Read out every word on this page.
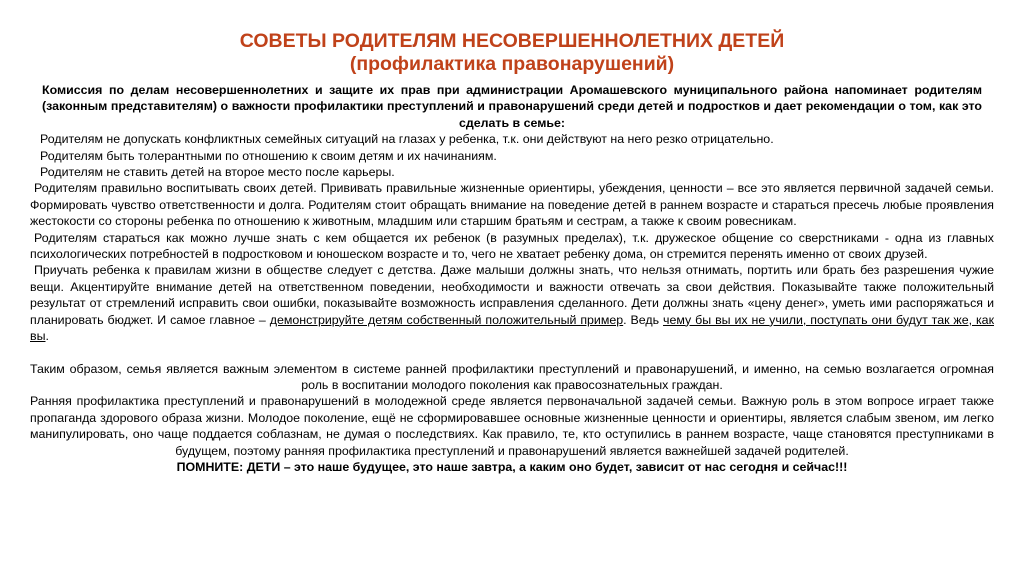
СОВЕТЫ РОДИТЕЛЯМ НЕСОВЕРШЕННОЛЕТНИХ ДЕТЕЙ

(профилактика правонарушений)

Комиссия по делам несовершеннолетних и защите их прав при администрации Аромашевского муниципального района напоминает родителям (законным представителям) о важности профилактики преступлений и правонарушений среди детей и подростков и дает рекомендации о том, как это сделать в семье:

Родителям не допускать конфликтных семейных ситуаций на глазах у ребенка, т.к. они действуют на него резко отрицательно.

Родителям быть толерантными по отношению к своим детям и их начинаниям.

Родителям не ставить детей на второе место после карьеры.

Родителям правильно воспитывать своих детей. Прививать правильные жизненные ориентиры, убеждения, ценности – все это является первичной задачей семьи. Формировать чувство ответственности и долга. Родителям стоит обращать внимание на поведение детей в раннем возрасте и стараться пресечь любые проявления жестокости со стороны ребенка по отношению к животным, младшим или старшим братьям и сестрам, а также к своим ровесникам.

Родителям стараться как можно лучше знать с кем общается их ребенок (в разумных пределах), т.к. дружеское общение со сверстниками - одна из главных психологических потребностей в подростковом и юношеском возрасте и то, чего не хватает ребенку дома, он стремится перенять именно от своих друзей.

Приучать ребенка к правилам жизни в обществе следует с детства. Даже малыши должны знать, что нельзя отнимать, портить или брать без разрешения чужие вещи. Акцентируйте внимание детей на ответственном поведении, необходимости и важности отвечать за свои действия. Показывайте также положительный результат от стремлений исправить свои ошибки, показывайте возможность исправления сделанного. Дети должны знать «цену денег», уметь ими распоряжаться и планировать бюджет. И самое главное – демонстрируйте детям собственный положительный пример. Ведь чему бы вы их не учили, поступать они будут так же, как вы.

Таким образом, семья является важным элементом в системе ранней профилактики преступлений и правонарушений, и именно, на семью возлагается огромная роль в воспитании молодого поколения как правосознательных граждан.

Ранняя профилактика преступлений и правонарушений в молодежной среде является первоначальной задачей семьи. Важную роль в этом вопросе играет также пропаганда здорового образа жизни. Молодое поколение, ещё не сформировавшее основные жизненные ценности и ориентиры, является слабым звеном, им легко манипулировать, оно чаще поддается соблазнам, не думая о последствиях. Как правило, те, кто оступились в раннем возрасте, чаще становятся преступниками в будущем, поэтому ранняя профилактика преступлений и правонарушений является важнейшей задачей родителей.

ПОМНИТЕ: ДЕТИ – это наше будущее, это наше завтра, а каким оно будет, зависит от нас сегодня и сейчас!!!
